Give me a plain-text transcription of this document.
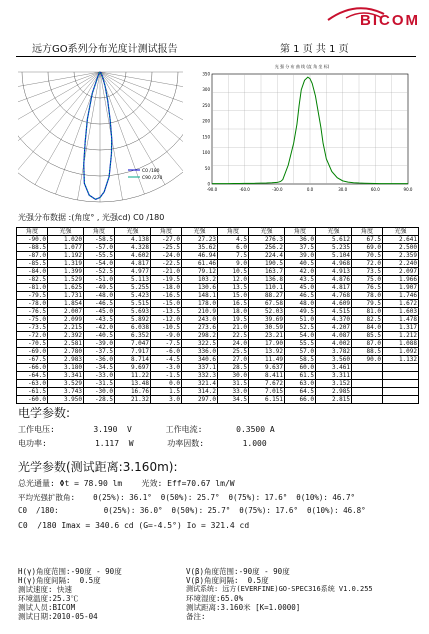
BICOM
远方GO系列分布光度计测试报告	第 1 页 共 1 页
C0 /180
C90 /270
光 强 分 布 曲 线 (直 角 坐 标)
-90.0	-60.0	-30.0	0.0	30.0	60.0	90.0
0
50
100
150
200
250
300
350
光强分布数据 :(角度° , 光强cd) C0 /180
角度	光强	角度	光强	角度	光强	角度	光强	角度	光强	角度	光强
-90.0	1.020	-58.5	4.138	-27.0	27.23	4.5	276.3	36.0	5.612	67.5	2.641
-88.5	1.077	-57.0	4.328	-25.5	35.62	6.0	256.2	37.5	5.235	69.0	2.500
-87.0	1.192	-55.5	4.602	-24.0	46.94	7.5	224.4	39.0	5.104	70.5	2.359
-85.5	1.319	-54.0	4.817	-22.5	61.46	9.0	190.5	40.5	4.968	72.0	2.240
-84.0	1.399	-52.5	4.977	-21.0	79.12	10.5	163.7	42.0	4.913	73.5	2.097
-82.5	1.529	-51.0	5.113	-19.5	103.2	12.0	136.8	43.5	4.876	75.0	1.966
-81.0	1.625	-49.5	5.255	-18.0	130.6	13.5	110.1	45.0	4.817	76.5	1.907
-79.5	1.731	-48.0	5.423	-16.5	148.1	15.0	88.27	46.5	4.768	78.0	1.746
-78.0	1.854	-46.5	5.515	-15.0	178.0	16.5	67.58	48.0	4.609	79.5	1.672
-76.5	2.007	-45.0	5.693	-13.5	210.9	18.0	52.03	49.5	4.515	81.0	1.603
-75.0	2.099	-43.5	5.892	-12.0	243.0	19.5	39.69	51.0	4.370	82.5	1.478
-73.5	2.215	-42.0	6.038	-10.5	273.6	21.0	30.59	52.5	4.207	84.0	1.317
-72.0	2.392	-40.5	6.352	-9.0	298.2	22.5	23.21	54.0	4.087	85.5	1.212
-70.5	2.581	-39.0	7.047	-7.5	322.5	24.0	17.90	55.5	4.002	87.0	1.088
-69.0	2.780	-37.5	7.917	-6.0	336.0	25.5	13.92	57.0	3.782	88.5	1.092
-67.5	2.983	-36.0	8.714	-4.5	340.6	27.0	11.49	58.5	3.560	90.0	1.132
-66.0	3.180	-34.5	9.697	-3.0	337.1	28.5	9.637	60.0	3.461		
-64.5	3.341	-33.0	11.22	-1.5	332.3	30.0	8.411	61.5	3.311		
-63.0	3.529	-31.5	13.48	0.0	321.4	31.5	7.672	63.0	3.152		
-61.5	3.743	-30.0	16.76	1.5	314.2	33.0	7.015	64.5	2.985		
-60.0	3.950	-28.5	21.32	3.0	297.0	34.5	6.151	66.0	2.815		
电学参数:
工作电压:        3.190  V       工作电流:       0.3500 A
电功率:          1.117  W       功率因数:        1.000
光学参数(测试距离:3.160m):
总光通量: Φt = 78.90 lm    光效: Eff=70.67 lm/W
平均光强扩散角:    θ(25%): 36.1°  θ(50%): 25.7°  θ(75%): 17.6°  θ(10%): 46.7°
C0  /180:          θ(25%): 36.0°  θ(50%): 25.7°  θ(75%): 17.6°  θ(10%): 46.8°
C0  /180 Imax = 340.6 cd (G=-4.5°) Io = 321.4 cd
H(γ)角度范围:-90度 - 90度
H(γ)角度间隔:  0.5度
测试速度: 快速
环境温度:25.3℃
测试人员:BICOM
测试日期:2010-05-04
V(β)角度范围:-90度 - 90度
V(β)角度间隔:  0.5度
测试系统: 远方(EVERFINE)GO-SPEC316系统 V1.0.255
环境湿度:65.0%
测试距离:3.160米 [K=1.0000]
备注:
